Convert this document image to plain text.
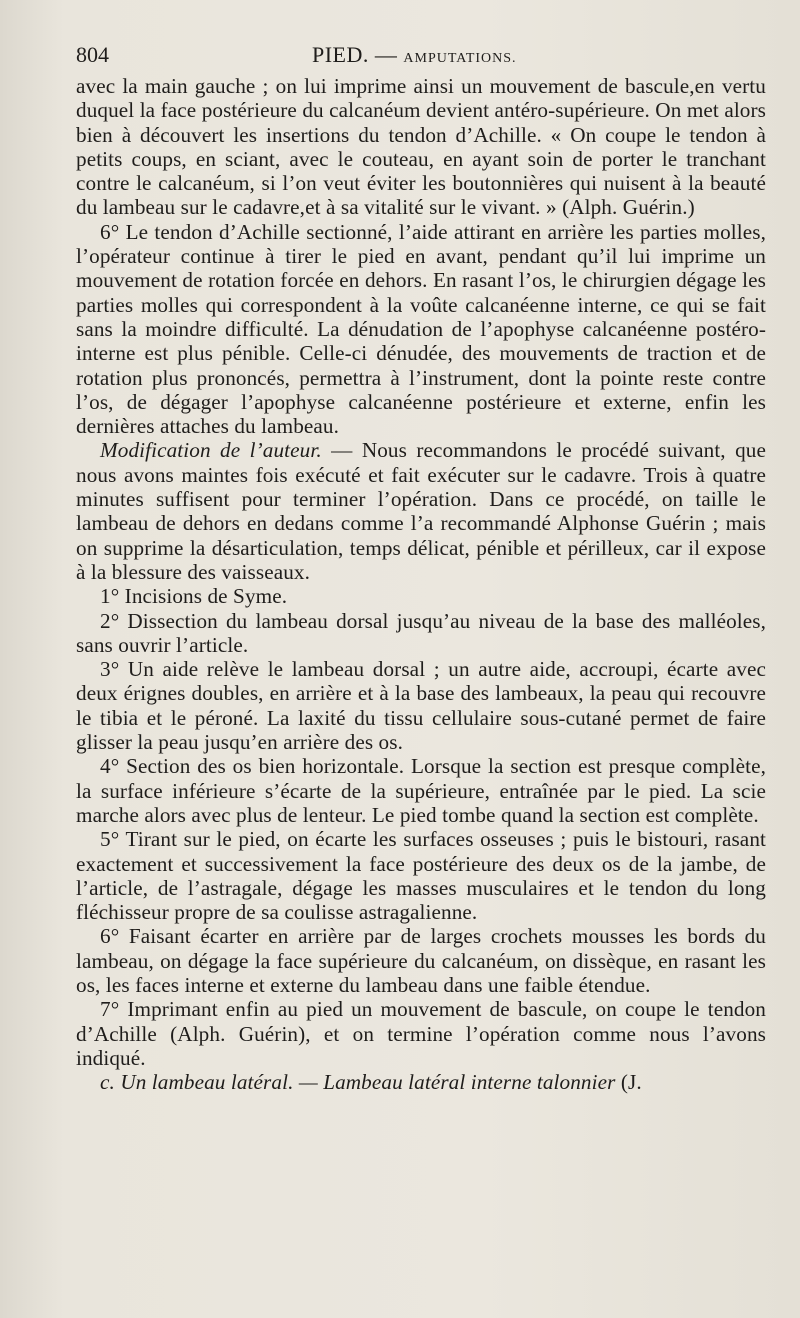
804	PIED. — AMPUTATIONS.

avec la main gauche ; on lui imprime ainsi un mouvement de bascule,en vertu duquel la face postérieure du calcanéum devient antéro-supérieure. On met alors bien à découvert les insertions du tendon d’Achille. « On coupe le tendon à petits coups, en sciant, avec le couteau, en ayant soin de porter le tranchant contre le calcanéum, si l’on veut éviter les boutonnières qui nuisent à la beauté du lambeau sur le cadavre,et à sa vitalité sur le vivant. » (Alph. Guérin.)

6° Le tendon d’Achille sectionné, l’aide attirant en arrière les parties molles, l’opérateur continue à tirer le pied en avant, pendant qu’il lui imprime un mouvement de rotation forcée en dehors. En rasant l’os, le chirurgien dégage les parties molles qui correspondent à la voûte calcanéenne interne, ce qui se fait sans la moindre difficulté. La dénudation de l’apophyse calcanéenne postéro-interne est plus pénible. Celle-ci dénudée, des mouvements de traction et de rotation plus prononcés, permettra à l’instrument, dont la pointe reste contre l’os, de dégager l’apophyse calcanéenne postérieure et externe, enfin les dernières attaches du lambeau.

Modification de l’auteur. — Nous recommandons le procédé suivant, que nous avons maintes fois exécuté et fait exécuter sur le cadavre. Trois à quatre minutes suffisent pour terminer l’opération. Dans ce procédé, on taille le lambeau de dehors en dedans comme l’a recommandé Alphonse Guérin ; mais on supprime la désarticulation, temps délicat, pénible et périlleux, car il expose à la blessure des vaisseaux.

1° Incisions de Syme.

2° Dissection du lambeau dorsal jusqu’au niveau de la base des malléoles, sans ouvrir l’article.

3° Un aide relève le lambeau dorsal ; un autre aide, accroupi, écarte avec deux érignes doubles, en arrière et à la base des lambeaux, la peau qui recouvre le tibia et le péroné. La laxité du tissu cellulaire sous-cutané permet de faire glisser la peau jusqu’en arrière des os.

4° Section des os bien horizontale. Lorsque la section est presque complète, la surface inférieure s’écarte de la supérieure, entraînée par le pied. La scie marche alors avec plus de lenteur. Le pied tombe quand la section est complète.

5° Tirant sur le pied, on écarte les surfaces osseuses ; puis le bistouri, rasant exactement et successivement la face postérieure des deux os de la jambe, de l’article, de l’astragale, dégage les masses musculaires et le tendon du long fléchisseur propre de sa coulisse astragalienne.

6° Faisant écarter en arrière par de larges crochets mousses les bords du lambeau, on dégage la face supérieure du calcanéum, on dissèque, en rasant les os, les faces interne et externe du lambeau dans une faible étendue.

7° Imprimant enfin au pied un mouvement de bascule, on coupe le tendon d’Achille (Alph. Guérin), et on termine l’opération comme nous l’avons indiqué.

c. Un lambeau latéral. — Lambeau latéral interne talonnier (J.
